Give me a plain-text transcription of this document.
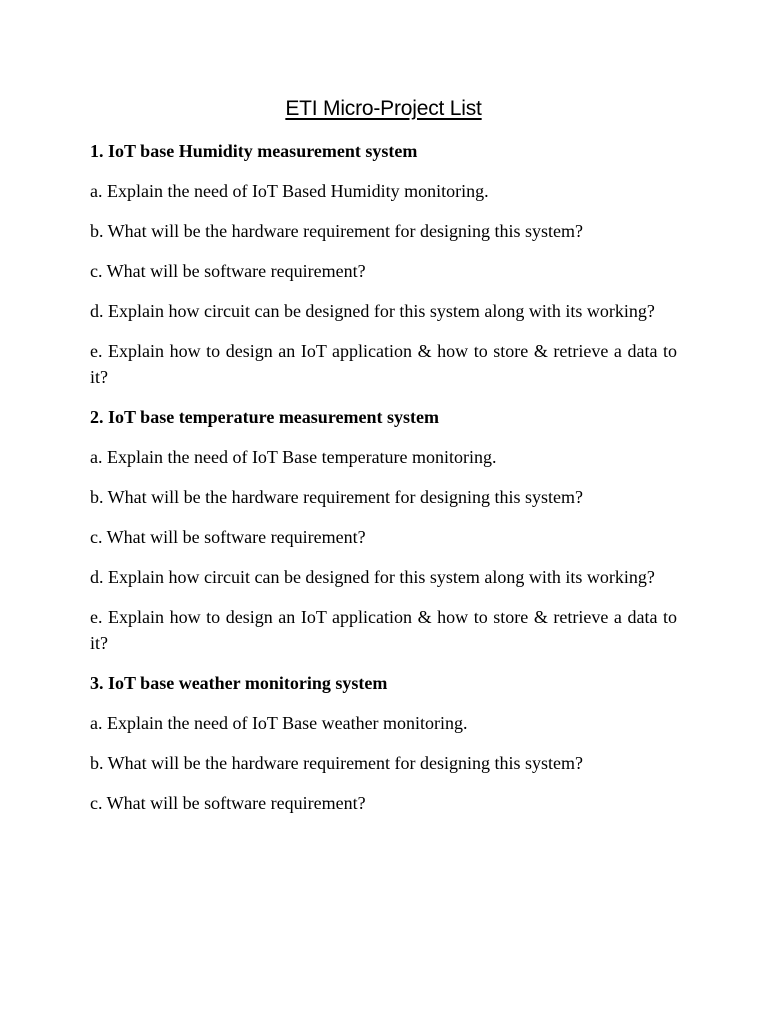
ETI Micro-Project List
1. IoT base Humidity measurement system
a. Explain the need of IoT Based Humidity monitoring.
b. What will be the hardware requirement for designing this system?
c. What will be software requirement?
d. Explain how circuit can be designed for this system along with its working?
e. Explain how to design an IoT application & how to store & retrieve a data to it?
2. IoT base temperature measurement system
a. Explain the need of IoT Base temperature monitoring.
b. What will be the hardware requirement for designing this system?
c. What will be software requirement?
d. Explain how circuit can be designed for this system along with its working?
e. Explain how to design an IoT application & how to store & retrieve a data to it?
3. IoT base weather monitoring system
a. Explain the need of IoT Base weather monitoring.
b. What will be the hardware requirement for designing this system?
c. What will be software requirement?
